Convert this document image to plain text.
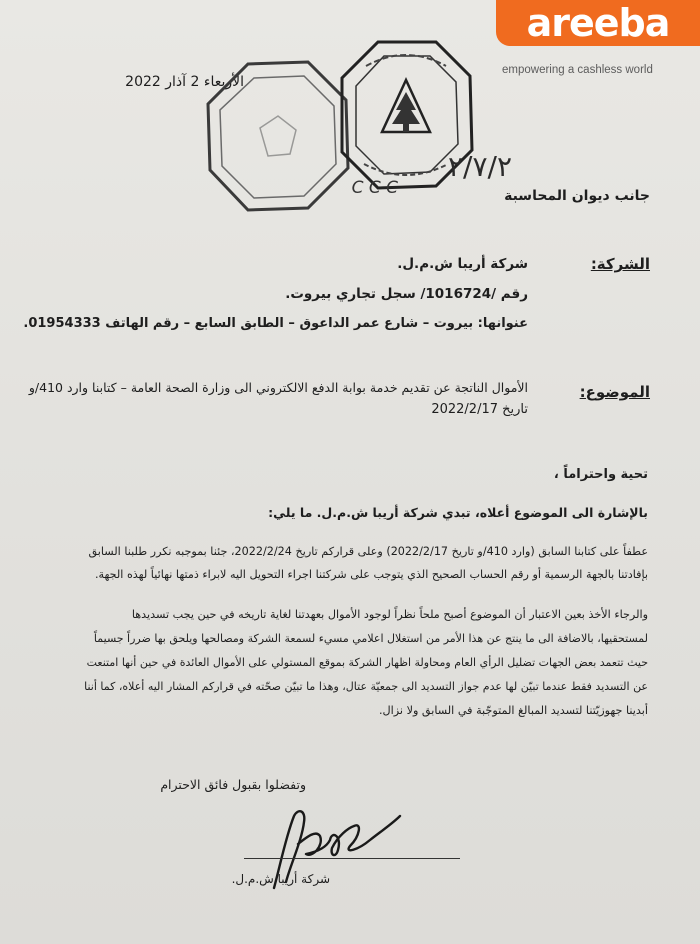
areeba
empowering a cashless world
الأربعاء 2 آذار 2022
C C C
٢/٧/٢
جانب ديوان المحاسبة
الشركة:
شركة أريبا ش.م.ل.
رقم /1016724/ سجل تجاري بيروت.
عنوانها: بيروت – شارع عمر الداعوق – الطابق السابع – رقم الهاتف 01954333.
الموضوع:
الأموال الناتجة عن تقديم خدمة بوابة الدفع الالكتروني الى وزارة الصحة العامة – كتابنا وارد 410/و
تاريخ 2022/2/17
تحية واحتراماً ،
بالإشارة الى الموضوع أعلاه، تبدي شركة أريبا ش.م.ل. ما يلي:
عطفاً على كتابنا السابق (وارد 410/و تاريخ 2022/2/17) وعلى قراركم تاريخ 2022/2/24، جئنا بموجبه نكرر طلبنا السابق
بإفادتنا بالجهة الرسمية أو رقم الحساب الصحيح الذي يتوجب على شركتنا اجراء التحويل اليه لابراء ذمتها نهائياً لهذه الجهة.
والرجاء الأخذ بعين الاعتبار أن الموضوع أصبح ملحاً نظراً لوجود الأموال بعهدتنا لغاية تاريخه في حين يجب تسديدها
لمستحقيها، بالاضافة الى ما ينتج عن هذا الأمر من استغلال اعلامي مسيء لسمعة الشركة ومصالحها ويلحق بها ضرراً جسيماً
حيث تتعمد بعض الجهات تضليل الرأي العام ومحاولة اظهار الشركة بموقع المستولي على الأموال العائدة في حين أنها امتنعت
عن التسديد فقط عندما تبيّن لها عدم جواز التسديد الى جمعيّة عتال، وهذا ما تبيّن صحّته في قراركم المشار اليه أعلاه، كما أننا
أبدينا جهوزيّتنا لتسديد المبالغ المتوجّبة في السابق ولا نزال.
وتفضلوا بقبول فائق الاحترام
شركة أريبا ش.م.ل.
